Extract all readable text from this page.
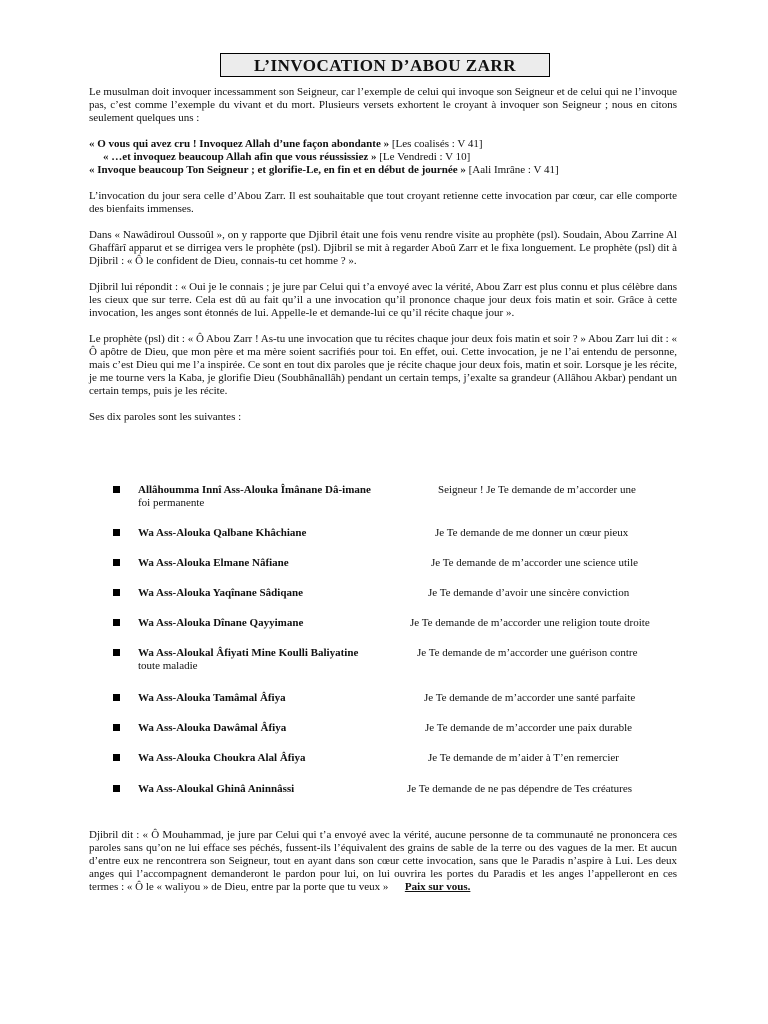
L’INVOCATION D’ABOU ZARR

Le musulman doit invoquer incessamment son Seigneur, car l’exemple de celui qui invoque son Seigneur et de celui qui ne l’invoque pas, c’est comme l’exemple du vivant et du mort. Plusieurs versets exhortent le croyant à invoquer son Seigneur ; nous en citons seulement quelques uns :

« O vous qui avez cru ! Invoquez Allah d’une façon abondante » [Les coalisés : V 41]

« …et invoquez beaucoup Allah afin que vous réussissiez » [Le Vendredi : V 10]

« Invoque beaucoup Ton Seigneur ; et glorifie-Le, en fin et en début de journée » [Aali Imrâne : V 41]

L’invocation du jour sera celle d’Abou Zarr. Il est souhaitable que tout croyant retienne cette invocation par cœur, car elle comporte des bienfaits immenses.

Dans « Nawâdiroul Oussoûl », on y rapporte que Djibril était une fois venu rendre visite au prophète (psl). Soudain, Abou Zarrine Al Ghaffârî apparut et se dirrigea vers le prophète (psl). Djibril se mit à regarder Aboû Zarr et le fixa longuement. Le prophète (psl) dit à Djibril : « Ô le confident de Dieu, connais-tu cet homme ? ».

Djibril lui répondit : « Oui je le connais ; je jure par Celui qui t’a envoyé avec la vérité, Abou Zarr est plus connu et plus célèbre dans les cieux que sur terre. Cela est dû au fait qu’il a une invocation qu’il prononce chaque jour deux fois matin et soir. Grâce à cette invocation, les anges sont étonnés de lui. Appelle-le et demande-lui ce qu’il récite chaque jour ».

Le prophète (psl) dit : « Ô Abou Zarr ! As-tu une invocation que tu récites chaque jour deux fois matin et soir ? » Abou Zarr lui dit : « Ô apôtre de Dieu, que mon père et ma mère soient sacrifiés pour toi. En effet, oui. Cette invocation, je ne l’ai entendu de personne, mais c’est Dieu qui me l’a inspirée. Ce sont en tout dix paroles que je récite chaque jour deux fois, matin et soir. Lorsque je les récite, je me tourne vers la Kaba, je glorifie Dieu (Soubhânallâh) pendant un certain temps, j’exalte sa grandeur (Allâhou Akbar) pendant un certain temps, puis je les récite.

Ses dix paroles sont les suivantes :

Allâhoumma Innî Ass-Alouka Îmânane Dâ-imane	Seigneur ! Je Te demande de m’accorder une
foi permanente
Wa Ass-Alouka Qalbane Khâchiane	Je Te demande de me donner un cœur pieux
Wa Ass-Alouka Elmane Nâfiane	Je Te demande de m’accorder une science utile
Wa Ass-Alouka Yaqînane Sâdiqane	Je Te demande d’avoir une sincère conviction
Wa Ass-Alouka Dînane Qayyimane	Je Te demande de m’accorder une religion toute droite
Wa Ass-Aloukal Âfiyati Mine Koulli Baliyatine	Je Te demande de m’accorder une guérison contre
toute maladie
Wa Ass-Alouka Tamâmal Âfiya	Je Te demande de m’accorder une santé parfaite
Wa Ass-Alouka Dawâmal Âfiya	Je Te demande de m’accorder une paix durable
Wa Ass-Alouka Choukra Alal Âfiya	Je Te demande de m’aider à T’en remercier
Wa Ass-Aloukal Ghinâ Aninnâssi	Je Te demande de ne pas dépendre de Tes créatures

Djibril dit : « Ô Mouhammad, je jure par Celui qui t’a envoyé avec la vérité, aucune personne de ta communauté ne prononcera ces paroles sans qu’on ne lui efface ses péchés, fussent-ils l’équivalent des grains de sable de la terre ou des vagues de la mer. Et aucun d’entre eux ne rencontrera son Seigneur, tout en ayant dans son cœur cette invocation, sans que le Paradis n’aspire à Lui. Les deux anges qui l’accompagnent demanderont le pardon pour lui, on lui ouvrira les portes du Paradis et les anges l’appelleront en ces termes : « Ô le « waliyou » de Dieu, entre par la porte que tu veux » Paix sur vous.
